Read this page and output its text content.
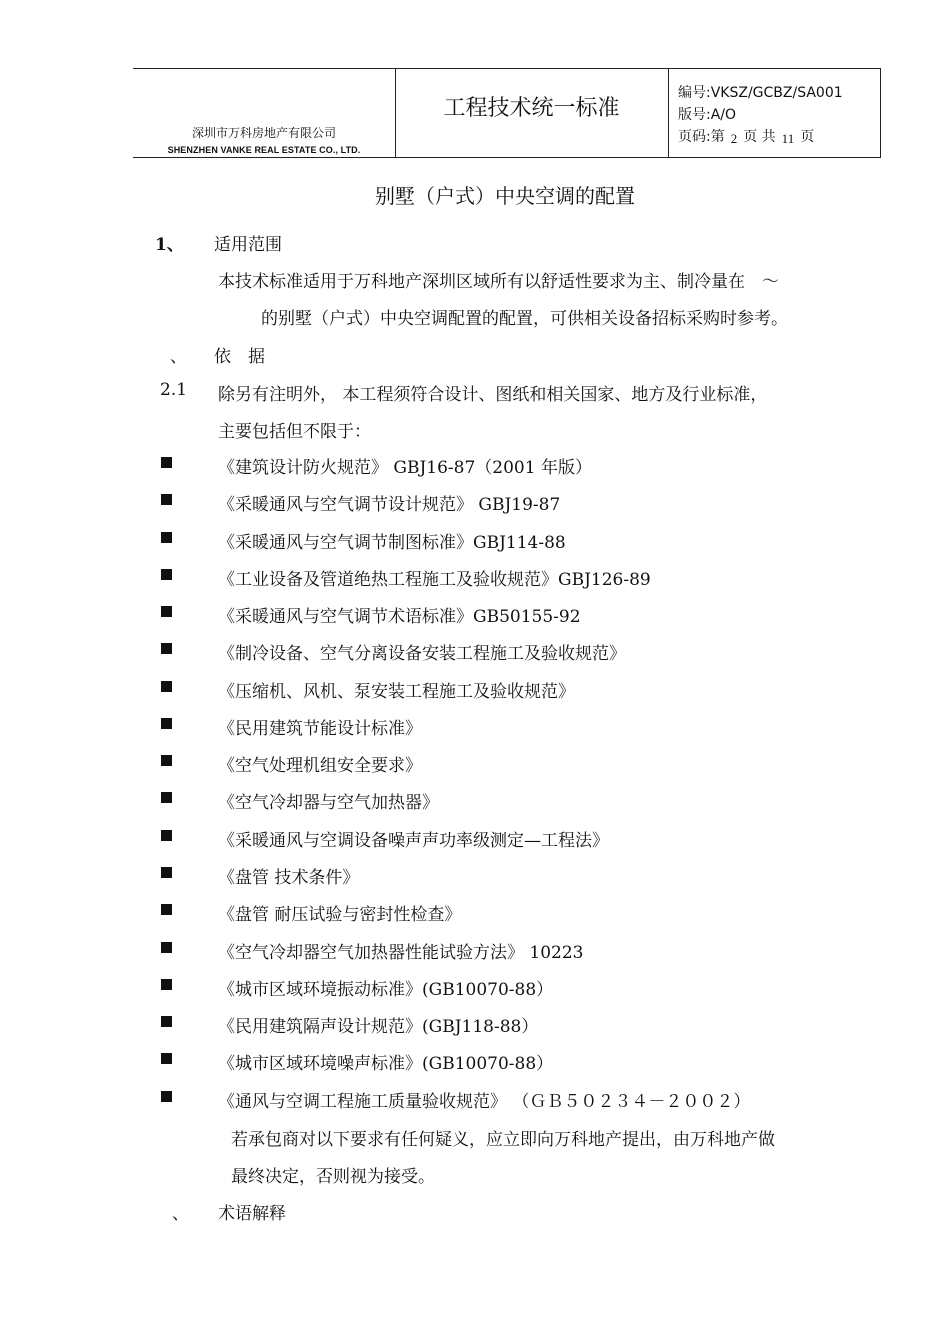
深圳市万科房地产有限公司
SHENZHEN VANKE REAL ESTATE CO., LTD.
工程技术统一标准
编号:VKSZ/GCBZ/SA001
版号:A/O
页码:第 2 页 共 11 页
别墅（户式）中央空调的配置
1、 适用范围
本技术标准适用于万科地产深圳区域所有以舒适性要求为主、制冷量在　～
的别墅（户式）中央空调配置的配置，可供相关设备招标采购时参考。
、 依　据
2.1 除另有注明外， 本工程须符合设计、图纸和相关国家、地方及行业标准，
主要包括但不限于：
《建筑设计防火规范》 GBJ16-87（2001 年版）
《采暖通风与空气调节设计规范》 GBJ19-87
《采暖通风与空气调节制图标准》GBJ114-88
《工业设备及管道绝热工程施工及验收规范》GBJ126-89
《采暖通风与空气调节术语标准》GB50155-92
《制冷设备、空气分离设备安装工程施工及验收规范》
《压缩机、风机、泵安装工程施工及验收规范》
《民用建筑节能设计标准》
《空气处理机组安全要求》
《空气冷却器与空气加热器》
《采暖通风与空调设备噪声声功率级测定—工程法》
《盘管 技术条件》
《盘管 耐压试验与密封性检查》
《空气冷却器空气加热器性能试验方法》 10223
《城市区域环境振动标准》(GB10070-88）
《民用建筑隔声设计规范》(GBJ118-88）
《城市区域环境噪声标准》(GB10070-88）
《通风与空调工程施工质量验收规范》 （ＧＢ５０２３４－２００２）
若承包商对以下要求有任何疑义，应立即向万科地产提出，由万科地产做
最终决定，否则视为接受。
、 术语解释
